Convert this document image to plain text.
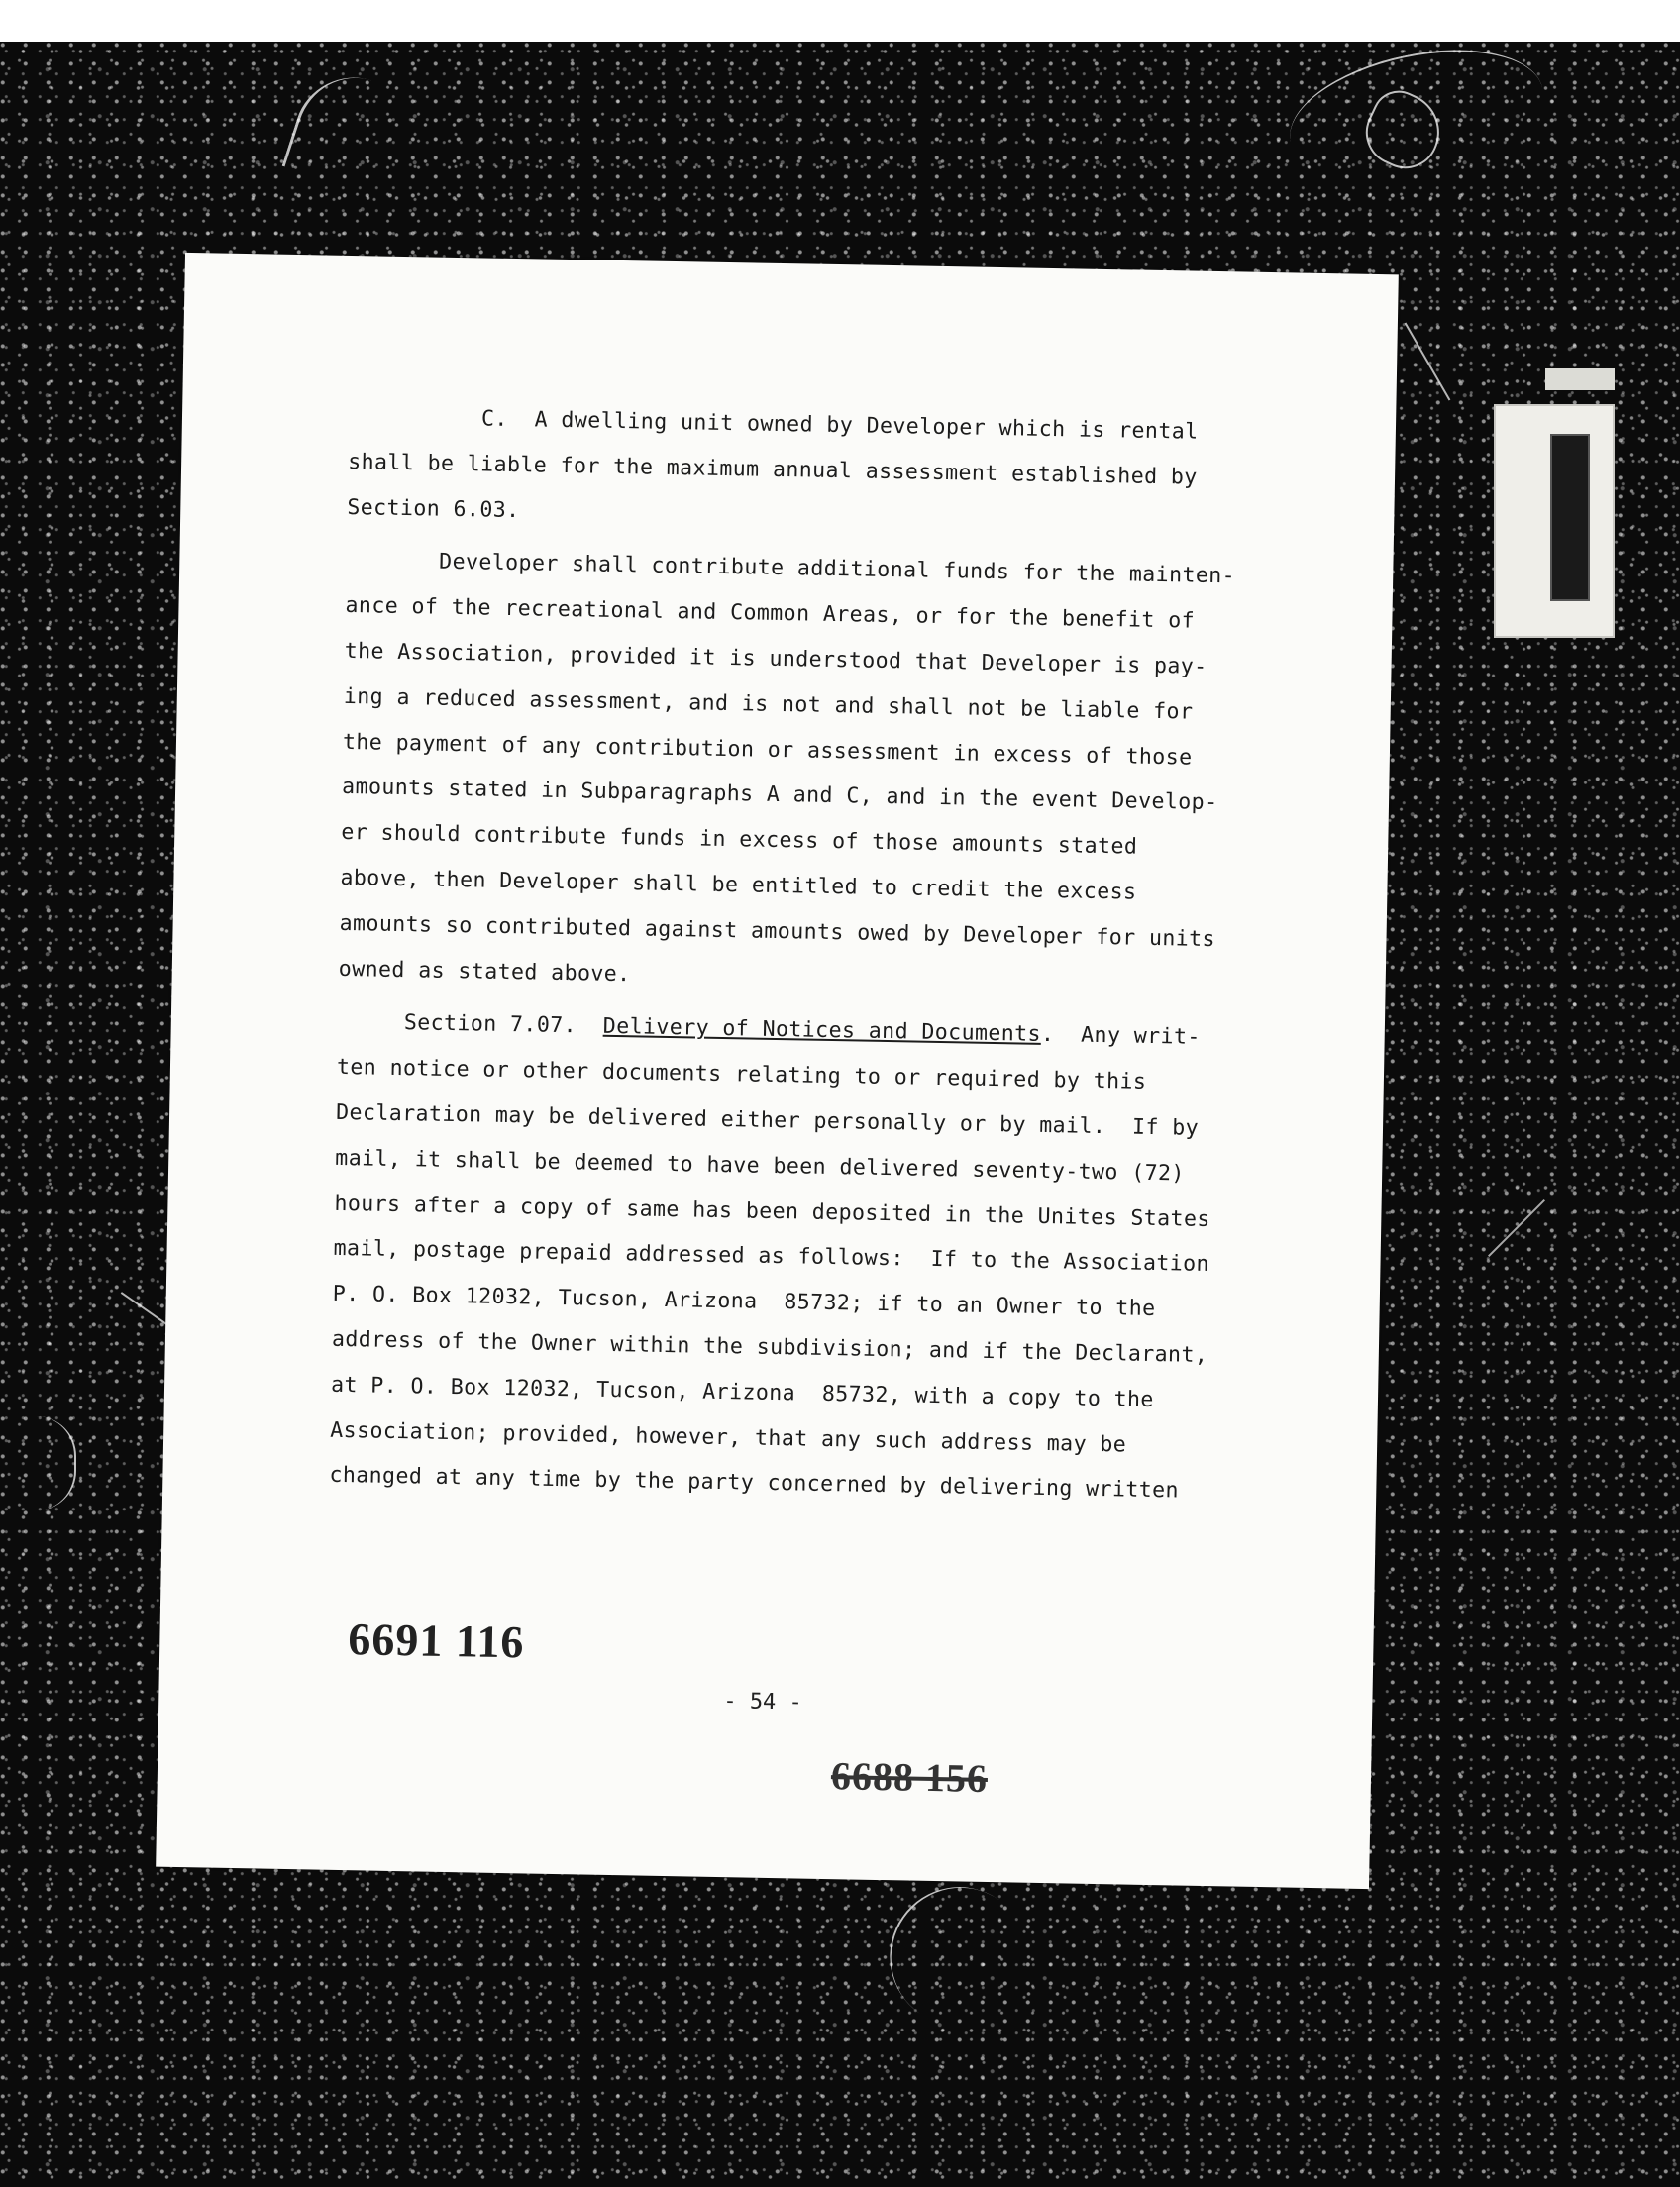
C.  A dwelling unit owned by Developer which is rental
shall be liable for the maximum annual assessment established by
Section 6.03.
Developer shall contribute additional funds for the mainten-
ance of the recreational and Common Areas, or for the benefit of
the Association, provided it is understood that Developer is pay-
ing a reduced assessment, and is not and shall not be liable for
the payment of any contribution or assessment in excess of those
amounts stated in Subparagraphs A and C, and in the event Develop-
er should contribute funds in excess of those amounts stated
above, then Developer shall be entitled to credit the excess
amounts so contributed against amounts owed by Developer for units
owned as stated above.
Section 7.07.  Delivery of Notices and Documents.  Any writ-
ten notice or other documents relating to or required by this
Declaration may be delivered either personally or by mail.  If by
mail, it shall be deemed to have been delivered seventy-two (72)
hours after a copy of same has been deposited in the Unites States
mail, postage prepaid addressed as follows:  If to the Association
P. O. Box 12032, Tucson, Arizona  85732; if to an Owner to the
address of the Owner within the subdivision; and if the Declarant,
at P. O. Box 12032, Tucson, Arizona  85732, with a copy to the
Association; provided, however, that any such address may be
changed at any time by the party concerned by delivering written
6691 116
- 54 -
6688 156
